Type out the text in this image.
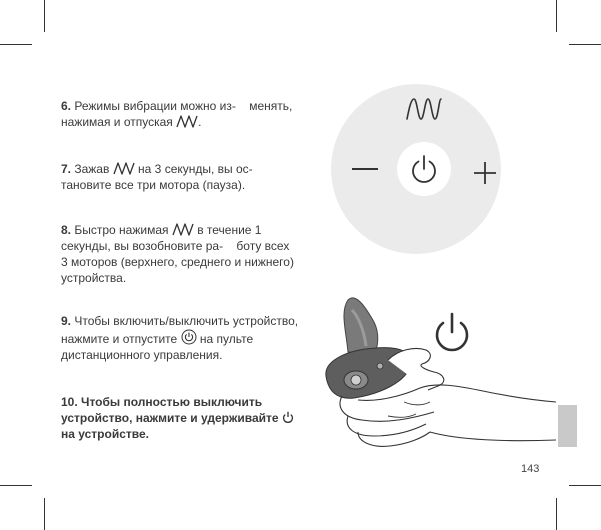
6. Режимы вибрации можно из-    менять,
нажимая и отпуская .

7. Зажав на 3 секунды, вы ос-
тановите все три мотора (пауза).

8. Быстро нажимая в течение 1
секунды, вы возобновите ра-    боту всех
3 моторов (верхнего, среднего и нижнего)
устройства.

9. Чтобы включить/выключить устройство,
нажмите и отпустите на пульте
дистанционного управления.

10. Чтобы полностью выключить
устройство, нажмите и удерживайте
на устройстве.

143
